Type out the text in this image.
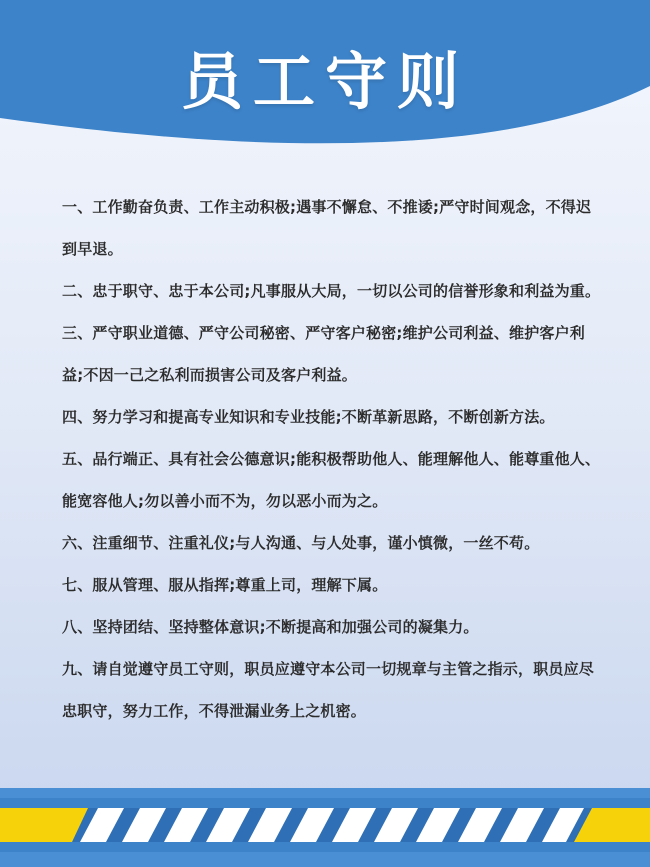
员工守则

一、工作勤奋负责、工作主动积极;遇事不懈怠、不推诿;严守时间观念，不得迟到早退。

二、忠于职守、忠于本公司;凡事服从大局，一切以公司的信誉形象和利益为重。

三、严守职业道德、严守公司秘密、严守客户秘密;维护公司利益、维护客户利益;不因一己之私利而损害公司及客户利益。

四、努力学习和提高专业知识和专业技能;不断革新思路，不断创新方法。

五、品行端正、具有社会公德意识;能积极帮助他人、能理解他人、能尊重他人、能宽容他人;勿以善小而不为，勿以恶小而为之。

六、注重细节、注重礼仪;与人沟通、与人处事，谨小慎微，一丝不苟。

七、服从管理、服从指挥;尊重上司，理解下属。

八、坚持团结、坚持整体意识;不断提高和加强公司的凝集力。

九、请自觉遵守员工守则，职员应遵守本公司一切规章与主管之指示，职员应尽忠职守，努力工作，不得泄漏业务上之机密。
